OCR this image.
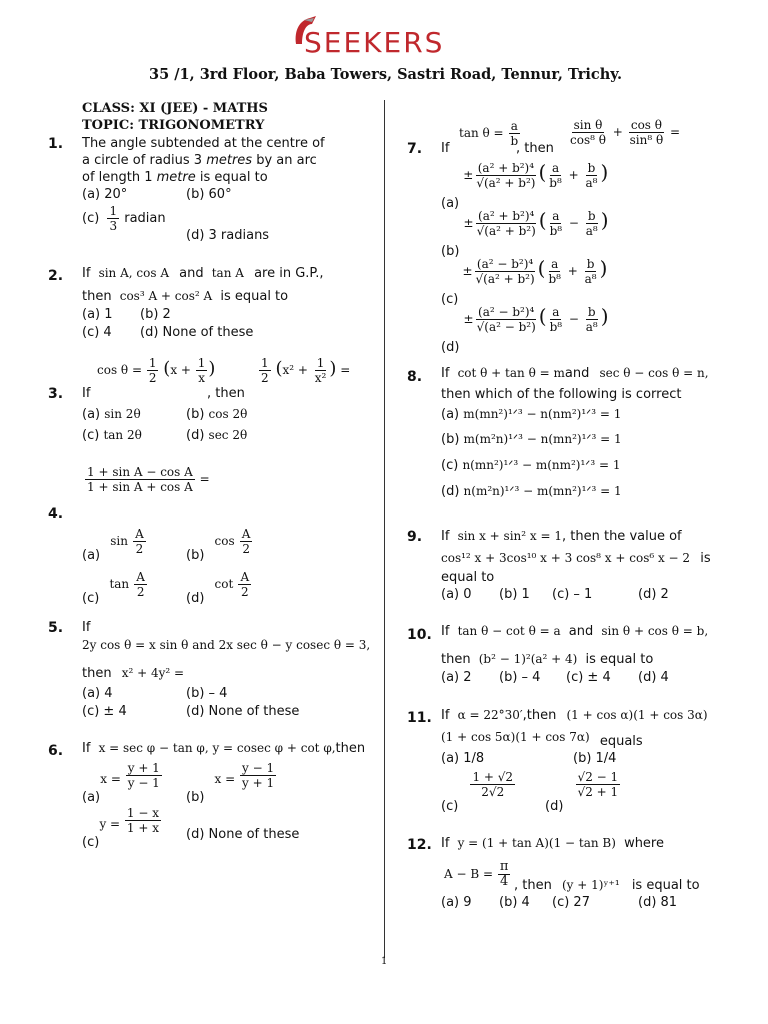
SEEKERS
35 /1, 3rd Floor, Baba Towers, Sastri Road, Tennur, Trichy.
CLASS: XI (JEE) - MATHS
TOPIC: TRIGONOMETRY
1. The angle subtended at the centre of
a circle of radius 3 metres by an arc
of length 1 metre is equal to
(a) 20°	(b) 60°
$(c) \frac{1}{3}$ radian
(d) 3 radians
2. If sin A, cos A and tan A are in G.P.,
then cos³ A + cos² A is equal to
(a) 1 (b) 2
(c) 4 (d) None of these
3. If
$\cos \theta = \frac{1}{2} (x + \frac{1}{x}$ )
, then
$\frac{1}{2} (x^2 + \frac{1}{\text{x²}}$ ) =
(a) sin 2θ	(b) cos 2θ
(c) tan 2θ	(d) sec 2θ
$\frac{\text{1 + sin A − cos A}}{\text{1 + sin A + cos A}}$ =
4.
(a) $\sin \frac{A}{2}$	(b) $\cos \frac{A}{2}$
(c) $\tan \frac{A}{2}$	(d) $\cot \frac{A}{2}$
5. If
2y cos θ = x sin θ and 2x sec θ − y cosec θ = 3,
then x² + 4y² =
(a) 4	(b) – 4
(c) ± 4	(d) None of these
6. If x = sec φ − tan φ, y = cosec φ + cot φ,then
(a) $x = \frac{y + 1}{y - 1}$
(b) $x = \frac{y - 1}{y + 1}$
(c) $y = \frac{1 - x}{1 + x} (d)$ None of these
7. If
$\tan \theta = \frac{a}{b}$
, then
$\frac{\text{sin θ}}{\text{cos⁸ θ}} + \frac{\text{cos θ}}{\text{sin⁸ θ}}$ =
$(a) \pm \frac{\text{(a² + b²)⁴}}{\text{√(a² + b²)}}$ ( $\frac{a}{\text{b⁸}} + \frac{b}{\text{a⁸}}$ )
$(b) \pm \frac{\text{(a² + b²)⁴}}{\text{√(a² + b²)}}$ ( $\frac{a}{\text{b⁸}} - \frac{b}{\text{a⁸}}$ )
$(c) \pm \frac{\text{(a² − b²)⁴}}{\text{√(a² + b²)}}$ ( $\frac{a}{\text{b⁸}} + \frac{b}{\text{a⁸}}$ )
$(d) \pm \frac{\text{(a² − b²)⁴}}{\text{√(a² − b²)}}$ ( $\frac{a}{\text{b⁸}} - \frac{b}{\text{a⁸}}$ )
8. If cot θ + tan θ = mand sec θ − cos θ = n,
then which of the following is correct
(a) m(mn²)¹ᐟ³ − n(nm²)¹ᐟ³ = 1
(b) m(m²n)¹ᐟ³ − n(mn²)¹ᐟ³ = 1
(c) n(mn²)¹ᐟ³ − m(nm²)¹ᐟ³ = 1
(d) n(m²n)¹ᐟ³ − m(mn²)¹ᐟ³ = 1
9. If sin x + sin² x = 1, then the value of
cos¹² x + 3cos¹⁰ x + 3 cos⁸ x + cos⁶ x − 2 is
equal to
(a) 0 (b) 1 (c) – 1	(d) 2
10. If tan θ − cot θ = a and sin θ + cos θ = b,
then (b² − 1)²(a² + 4) is equal to
(a) 2 (b) – 4 (c) ± 4 (d) 4
11. If α = 22°30′,then (1 + cos α)(1 + cos 3α)
(1 + cos 5α)(1 + cos 7α) equals
(a) 1/8	(b) 1/4
(c)
$\frac{1 + √2}{2√2}$
(d)
$\frac{√2 - 1}{√2 + 1}$
12. If y = (1 + tan A)(1 − tan B) where
$A - B = \frac{\pi}{4}$ , then (y + 1)ʸ⁺¹ is equal to
(a) 9 (b) 4 (c) 27	(d) 81
1
